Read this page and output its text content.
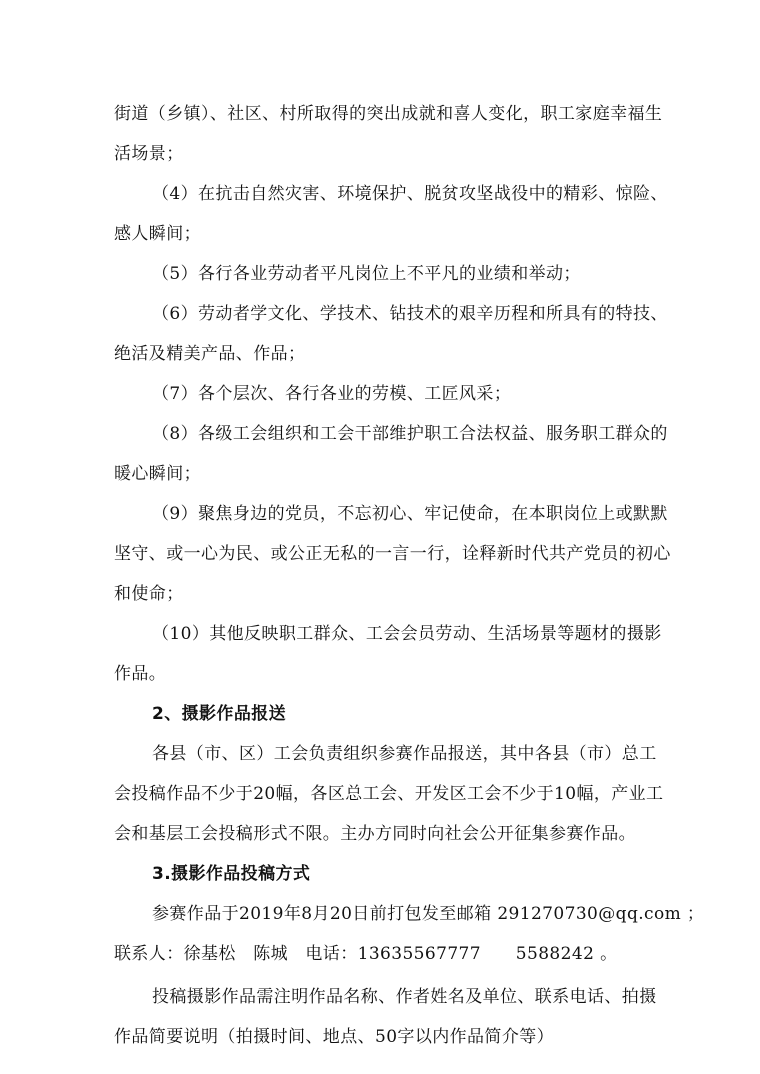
街道（乡镇）、社区、村所取得的突出成就和喜人变化，职工家庭幸福生
活场景；
（4）在抗击自然灾害、环境保护、脱贫攻坚战役中的精彩、惊险、
感人瞬间；
（5）各行各业劳动者平凡岗位上不平凡的业绩和举动；
（6）劳动者学文化、学技术、钻技术的艰辛历程和所具有的特技、
绝活及精美产品、作品；
（7）各个层次、各行各业的劳模、工匠风采；
（8）各级工会组织和工会干部维护职工合法权益、服务职工群众的
暖心瞬间；
（9）聚焦身边的党员，不忘初心、牢记使命，在本职岗位上或默默
坚守、或一心为民、或公正无私的一言一行，诠释新时代共产党员的初心
和使命；
（10）其他反映职工群众、工会会员劳动、生活场景等题材的摄影
作品。
2、摄影作品报送
各县（市、区）工会负责组织参赛作品报送，其中各县（市）总工
会投稿作品不少于20幅，各区总工会、开发区工会不少于10幅，产业工
会和基层工会投稿形式不限。主办方同时向社会公开征集参赛作品。
3.摄影作品投稿方式
参赛作品于2019年8月20日前打包发至邮箱 291270730@qq.com ；
联系人：徐基松　陈城　电话：13635567777　　5588242 。
投稿摄影作品需注明作品名称、作者姓名及单位、联系电话、拍摄
作品简要说明（拍摄时间、地点、50字以内作品简介等）
